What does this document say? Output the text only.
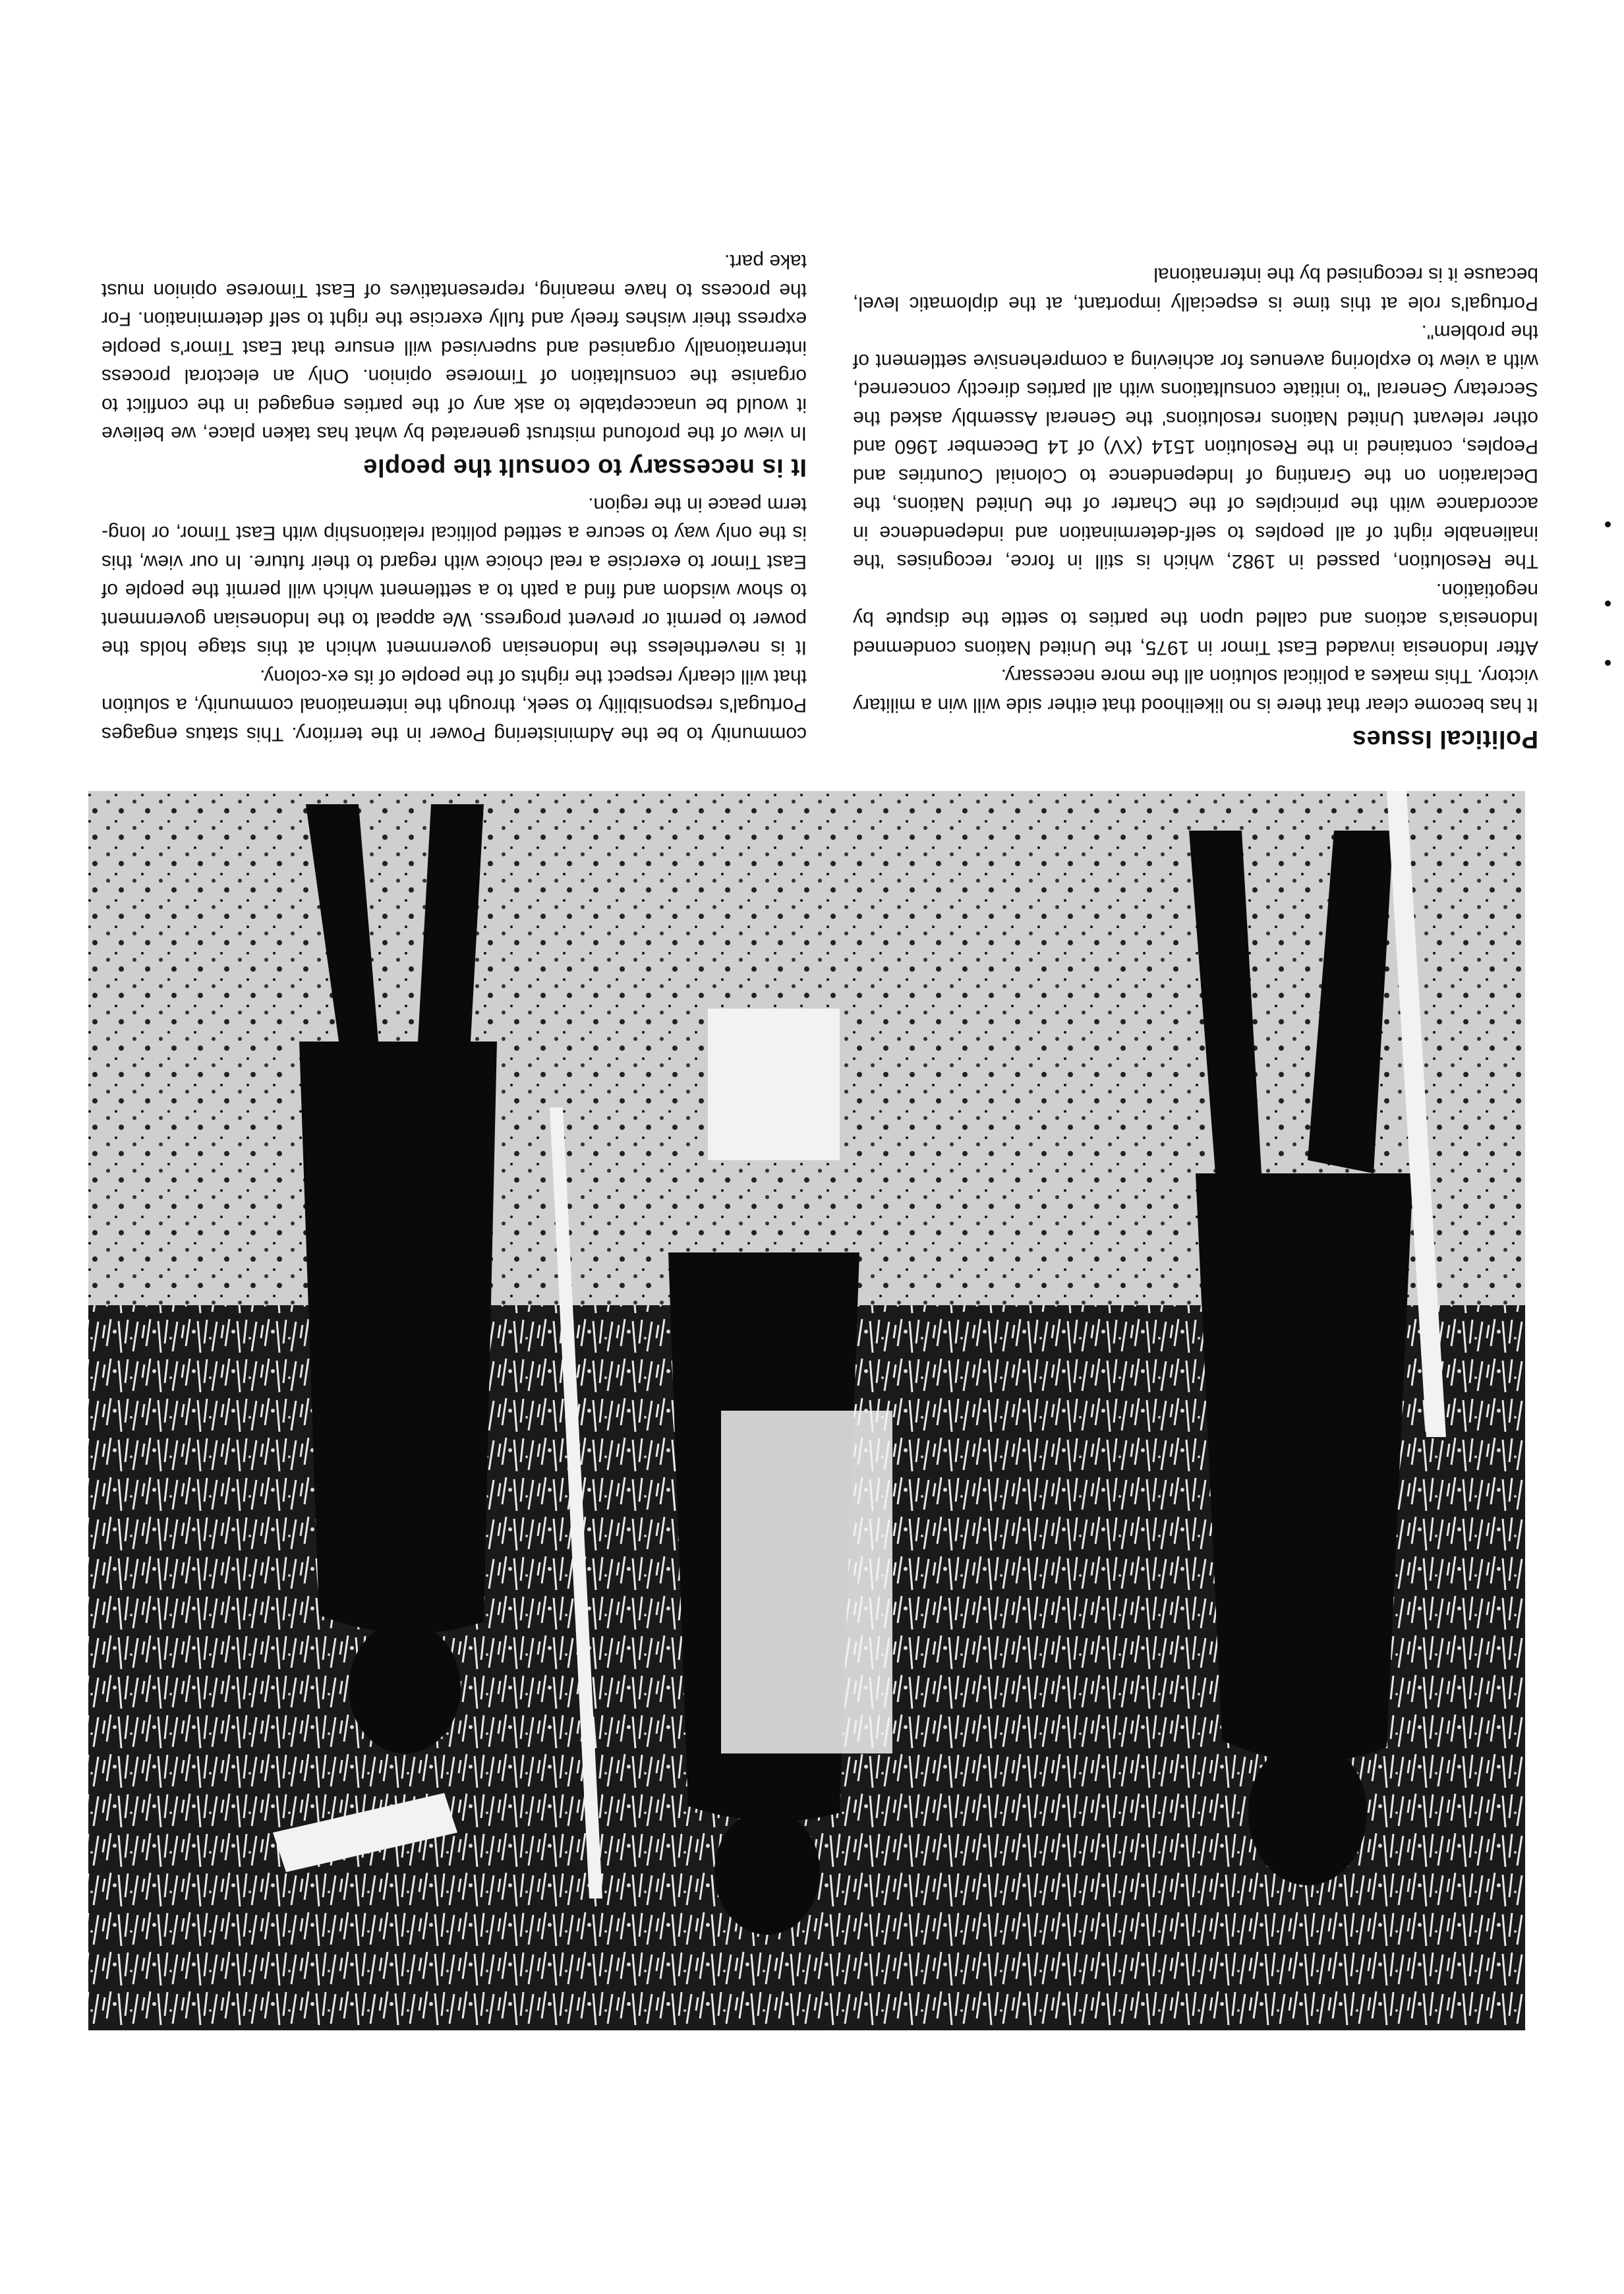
Political Issues

It has become clear that there is no likelihood that either side will win a military victory. This makes a political solution all the more necessary.

After Indonesia invaded East Timor in 1975, the United Nations condemned Indonesia's actions and called upon the parties to settle the dispute by negotiation.

The Resolution, passed in 1982, which is still in force, recognises 'the inalienable right of all peoples to self-determination and independence in accordance with the principles of the Charter of the United Nations, the Declaration on the Granting of Independence to Colonial Countries and Peoples, contained in the Resolution 1514 (XV) of 14 December 1960 and other relevant United Nations resolutions' the General Assembly asked the Secretary General "to initiate consultations with all parties directly concerned, with a view to exploring avenues for achieving a comprehensive settlement of the problem".

Portugal's role at this time is especially important, at the diplomatic level, because it is recognised by the international

community to be the Administering Power in the territory. This status engages Portugal's responsibility to seek, through the international community, a solution that will clearly respect the rights of the people of its ex-colony.

It is nevertheless the Indonesian government which at this stage holds the power to permit or prevent progress. We appeal to the Indonesian government to show wisdom and find a path to a settlement which will permit the people of East Timor to exercise a real choice with regard to their future. In our view, this is the only way to secure a settled political relationship with East Timor, or long-term peace in the region.

It is necessary to consult the people

In view of the profound mistrust generated by what has taken place, we believe it would be unacceptable to ask any of the parties engaged in the conflict to organise the consultation of Timorese opinion. Only an electoral process internationally organised and supervised will ensure that East Timor's people express their wishes freely and fully exercise the right to self determination. For the process to have meaning, representatives of East Timorese opinion must take part.
